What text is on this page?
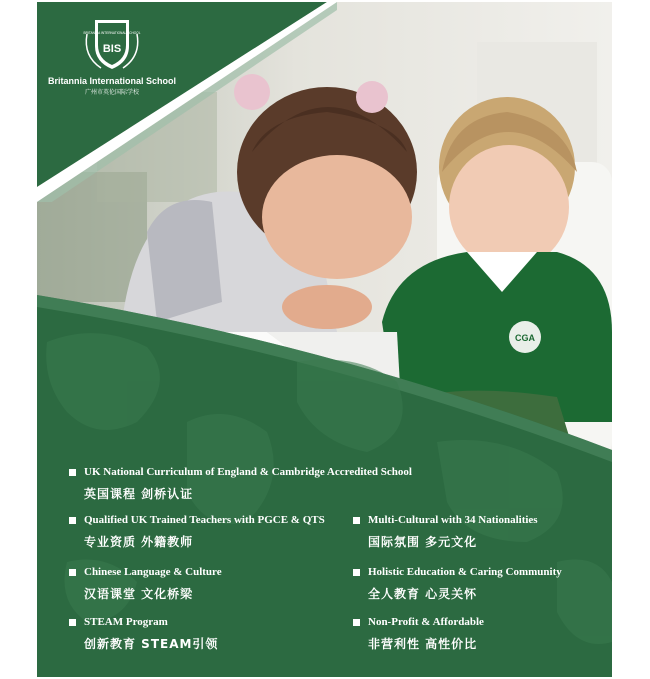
CGA
BRITANNIA INTERNATIONAL SCHOOL
BIS
Britannia International School
广州市英伦国际学校
UK National Curriculum of England & Cambridge Accredited School
英国课程 剑桥认证
Qualified UK Trained Teachers with PGCE & QTS
专业资质 外籍教师
Multi-Cultural with 34 Nationalities
国际氛围 多元文化
Chinese Language & Culture
汉语课堂 文化桥梁
Holistic Education & Caring Community
全人教育 心灵关怀
STEAM Program
创新教育 STEAM引领
Non-Profit & Affordable
非营利性 高性价比
